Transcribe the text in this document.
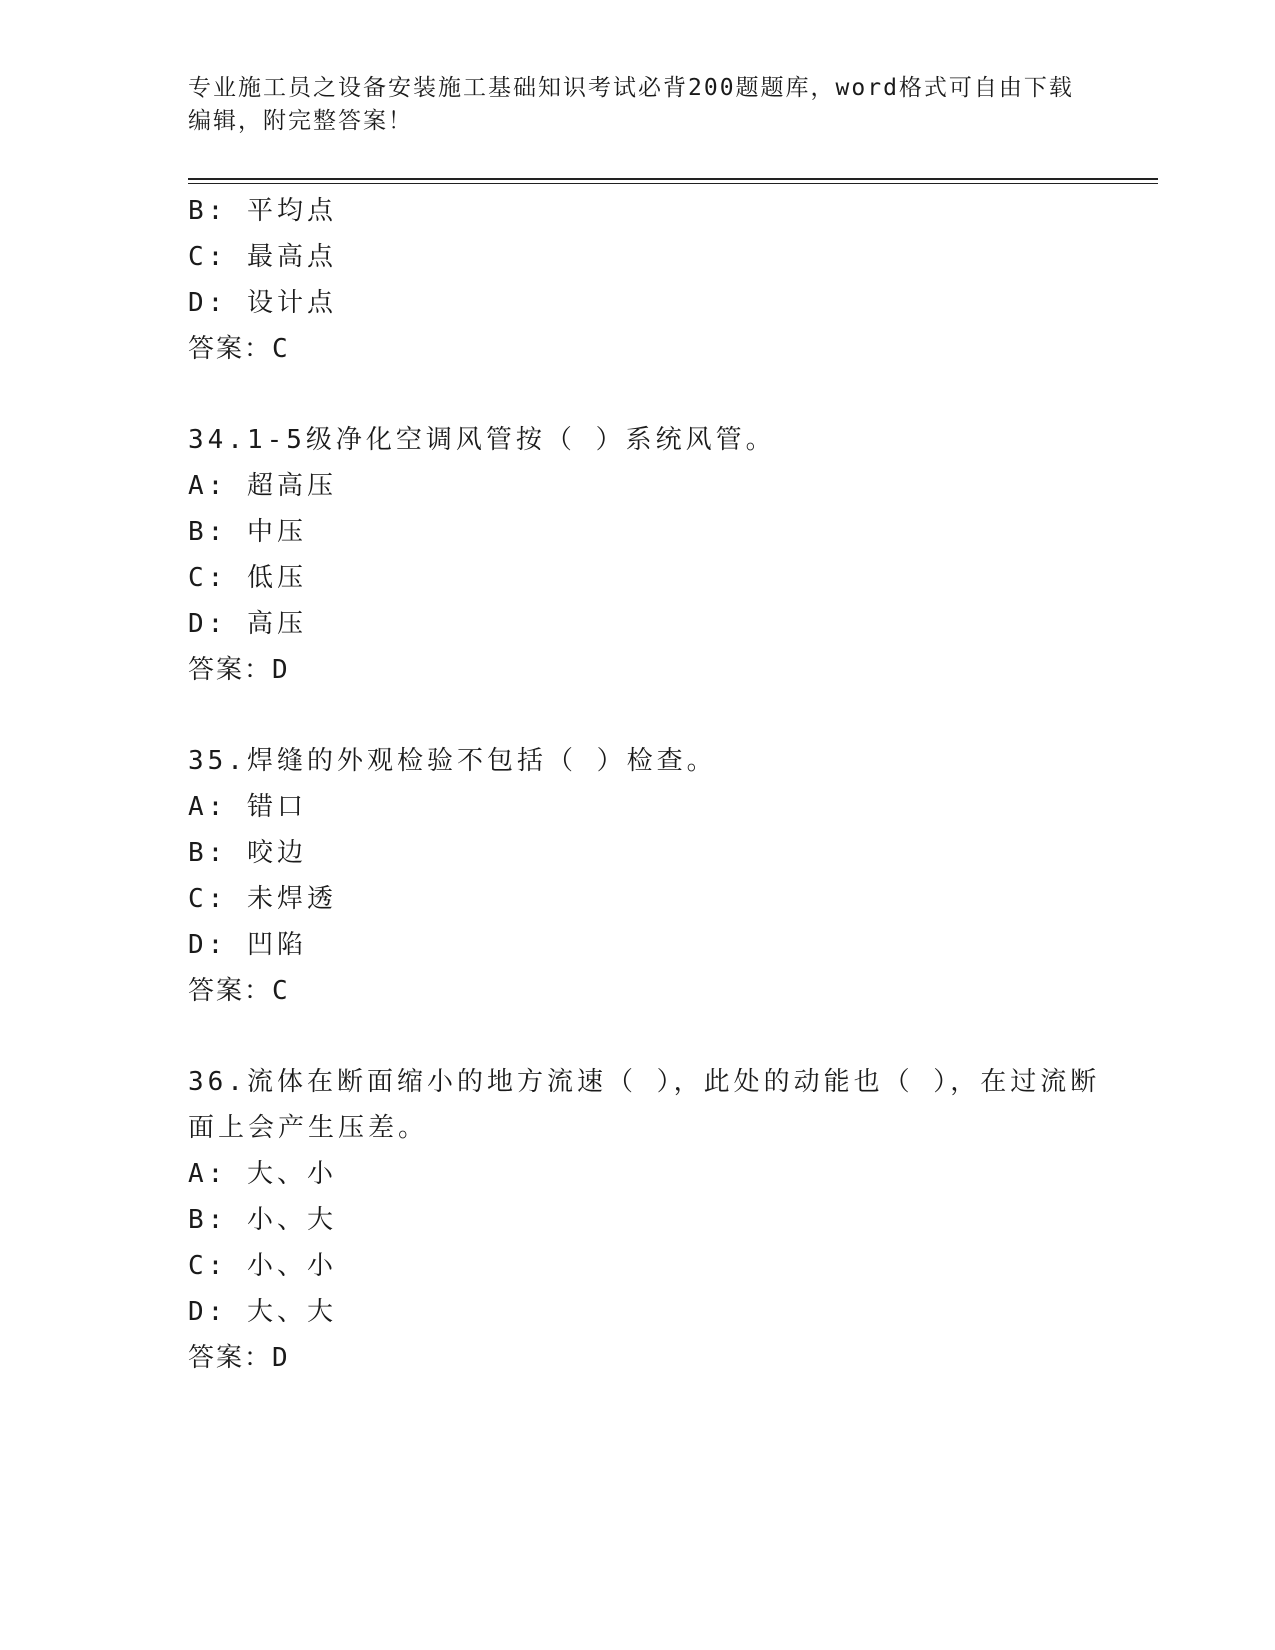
专业施工员之设备安装施工基础知识考试必背200题题库，word格式可自由下载
编辑，附完整答案！
B: 平均点
C: 最高点
D: 设计点
答案：C
34.1-5级净化空调风管按（ ）系统风管。
A: 超高压
B: 中压
C: 低压
D: 高压
答案：D
35.焊缝的外观检验不包括（ ）检查。
A: 错口
B: 咬边
C: 未焊透
D: 凹陷
答案：C
36.流体在断面缩小的地方流速（ ），此处的动能也（ ），在过流断
面上会产生压差。
A: 大、小
B: 小、大
C: 小、小
D: 大、大
答案：D
